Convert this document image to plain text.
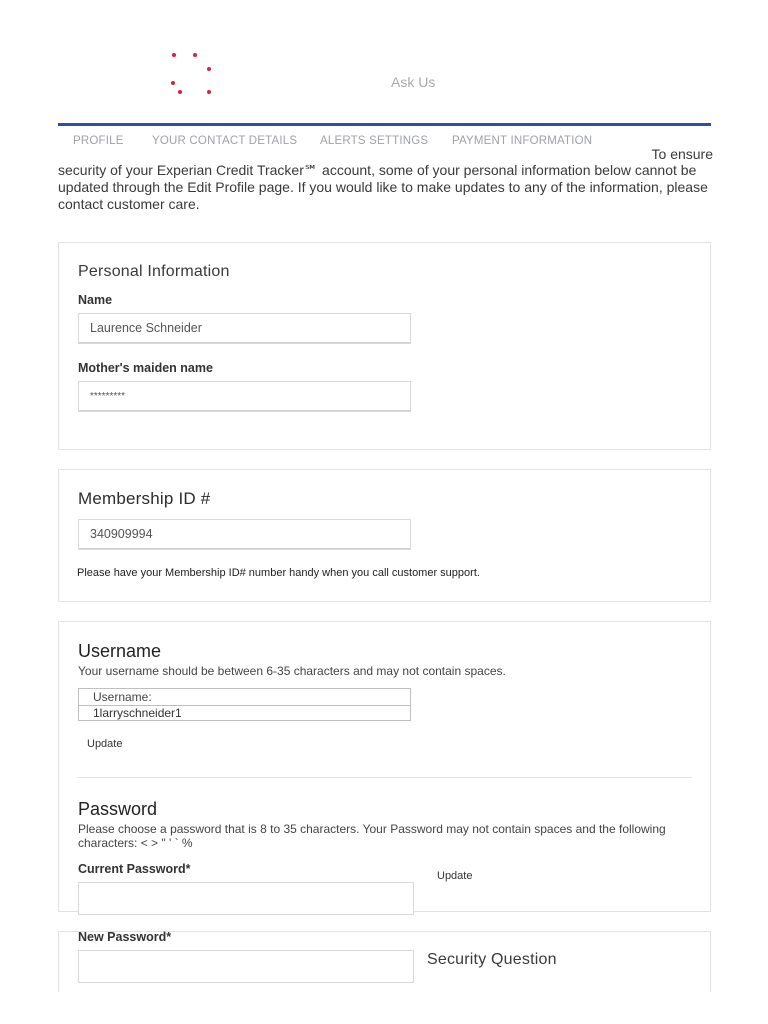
Ask Us
PROFILE YOUR CONTACT DETAILS ALERTS SETTINGS PAYMENT INFORMATION
To ensure
security of your Experian Credit Tracker℠ account, some of your personal information below cannot be updated through the Edit Profile page. If you would like to make updates to any of the information, please contact customer care.
Personal Information
Name
Laurence Schneider
Mother's maiden name
*********
Membership ID #
340909994
Please have your Membership ID# number handy when you call customer support.
Username
Your username should be between 6-35 characters and may not contain spaces.
Username:
1larryschneider1
Update
Password
Please choose a password that is 8 to 35 characters. Your Password may not contain spaces and the following characters: < > " ' ` %
Current Password*	Update
New Password*
Security Question
